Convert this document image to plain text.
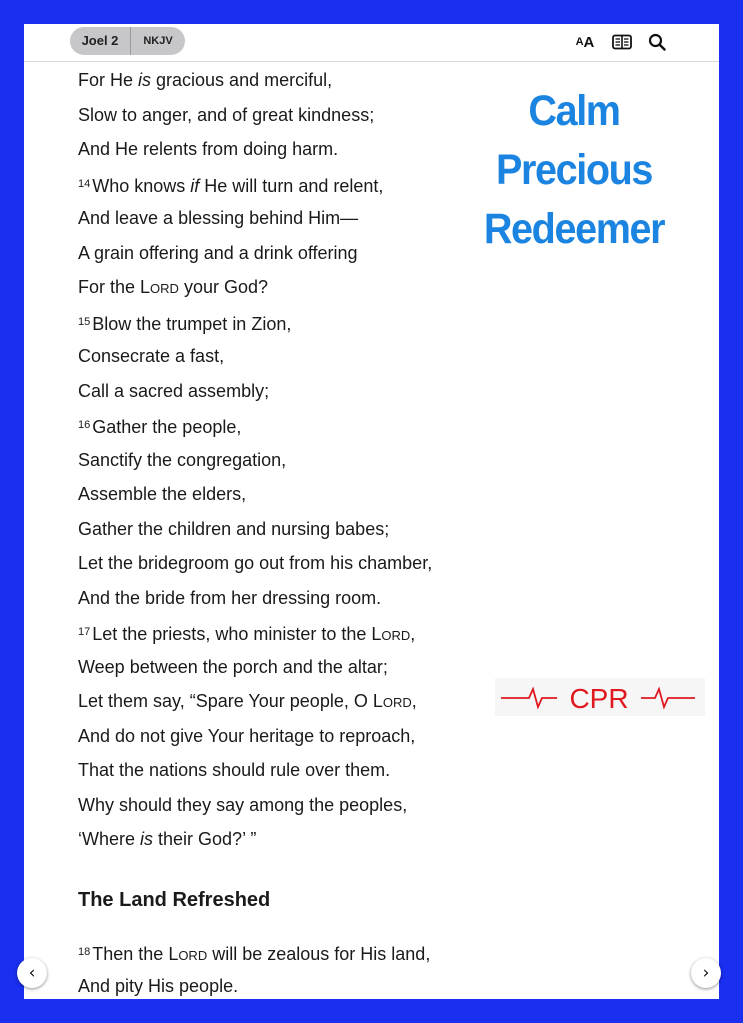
Joel 2	NKJV	A A
For He is gracious and merciful,
Slow to anger, and of great kindness;
And He relents from doing harm.
$^{14}$ Who knows if He will turn and relent,
And leave a blessing behind Him—
A grain offering and a drink offering
For the Lord your God?
$^{15}$ Blow the trumpet in Zion,
Consecrate a fast,
Call a sacred assembly;
$^{16}$ Gather the people,
Sanctify the congregation,
Assemble the elders,
Gather the children and nursing babes;
Let the bridegroom go out from his chamber,
And the bride from her dressing room.
$^{17}$ Let the priests, who minister to the Lord,
Weep between the porch and the altar;
Let them say, “Spare Your people, O Lord,
And do not give Your heritage to reproach,
That the nations should rule over them.
Why should they say among the peoples,
‘Where is their God?’ ”
The Land Refreshed
$^{18}$ Then the Lord will be zealous for His land,
And pity His people.
Calm
Precious
Redeemer
CPR
‹	›
